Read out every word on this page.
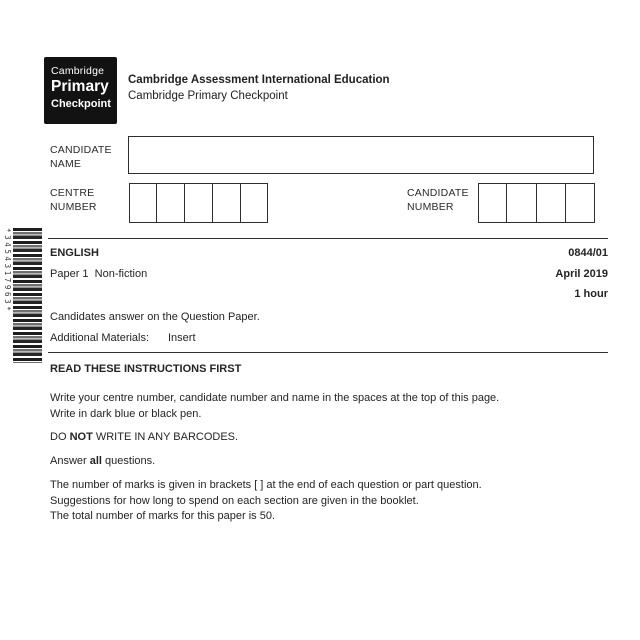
*3454317963*
Cambridge
Primary
Checkpoint
Cambridge Assessment International Education
Cambridge Primary Checkpoint
CANDIDATE
NAME
CENTRE
NUMBER
CANDIDATE
NUMBER
ENGLISH	0844/01
Paper 1  Non-fiction	April 2019
1 hour
Candidates answer on the Question Paper.
Additional Materials: Insert
READ THESE INSTRUCTIONS FIRST
Write your centre number, candidate number and name in the spaces at the top of this page.
Write in dark blue or black pen.
DO NOT WRITE IN ANY BARCODES.
Answer all questions.
The number of marks is given in brackets [ ] at the end of each question or part question.
Suggestions for how long to spend on each section are given in the booklet.
The total number of marks for this paper is 50.
